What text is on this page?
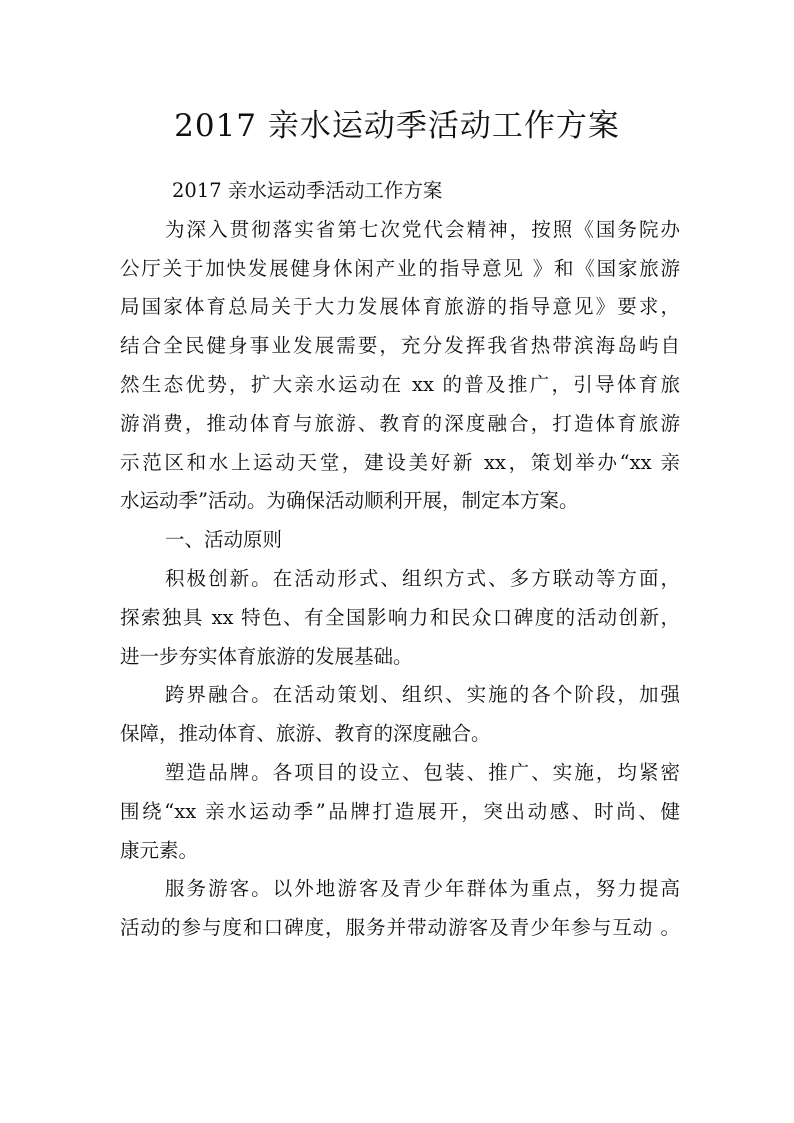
2017 亲水运动季活动工作方案

2017 亲水运动季活动工作方案

为深入贯彻落实省第七次党代会精神，按照《国务院办

公厅关于加快发展健身休闲产业的指导意见 》和《国家旅游

局国家体育总局关于大力发展体育旅游的指导意见》要求，

结合全民健身事业发展需要，充分发挥我省热带滨海岛屿自

然生态优势，扩大亲水运动在 xx 的普及推广，引导体育旅

游消费，推动体育与旅游、教育的深度融合，打造体育旅游

示范区和水上运动天堂，建设美好新 xx，策划举办“xx 亲

水运动季”活动。为确保活动顺利开展，制定本方案。

一、活动原则

积极创新。在活动形式、组织方式、多方联动等方面，

探索独具 xx 特色、有全国影响力和民众口碑度的活动创新，

进一步夯实体育旅游的发展基础。

跨界融合。在活动策划、组织、实施的各个阶段，加强

保障，推动体育、旅游、教育的深度融合。

塑造品牌。各项目的设立、包装、推广、实施，均紧密

围绕“xx 亲水运动季”品牌打造展开，突出动感、时尚、健

康元素。

服务游客。以外地游客及青少年群体为重点，努力提高

活动的参与度和口碑度，服务并带动游客及青少年参与互动 。
